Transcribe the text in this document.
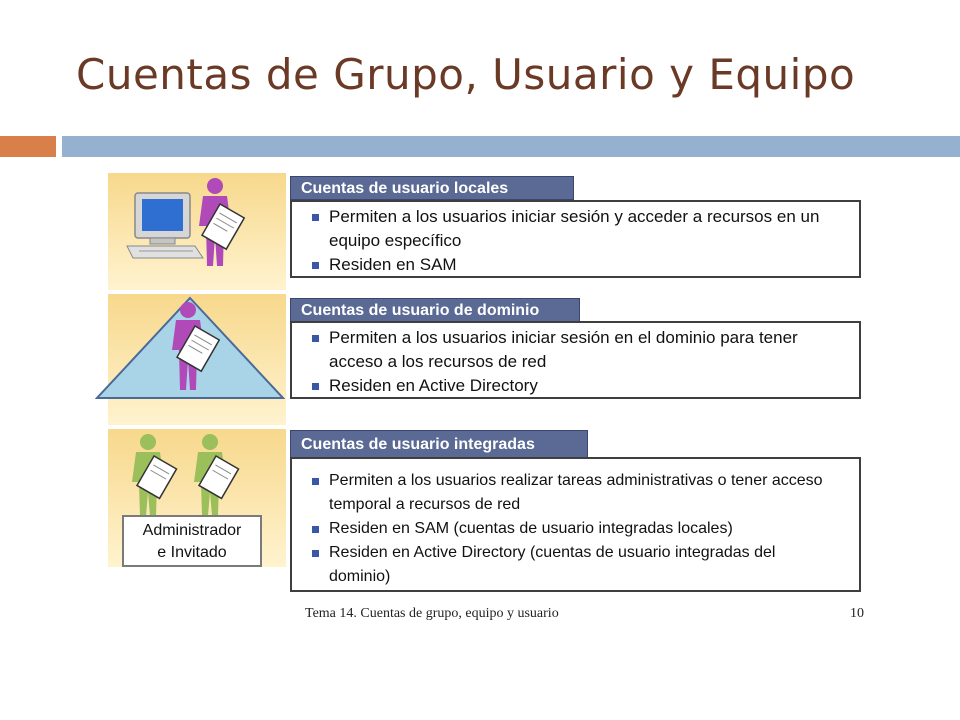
Cuentas de Grupo, Usuario y Equipo
Administrador
e Invitado
Cuentas de usuario locales
Permiten a los usuarios iniciar sesión y acceder a recursos en un equipo específico
Residen en SAM
Cuentas de usuario de dominio
Permiten a los usuarios iniciar sesión en el dominio para tener acceso a los recursos de red
Residen en Active Directory
Cuentas de usuario integradas
Permiten a los usuarios realizar tareas administrativas o tener acceso temporal a recursos de red
Residen en SAM (cuentas de usuario integradas locales)
Residen en Active Directory (cuentas de usuario integradas del dominio)
Tema 14. Cuentas de grupo, equipo y usuario	10
